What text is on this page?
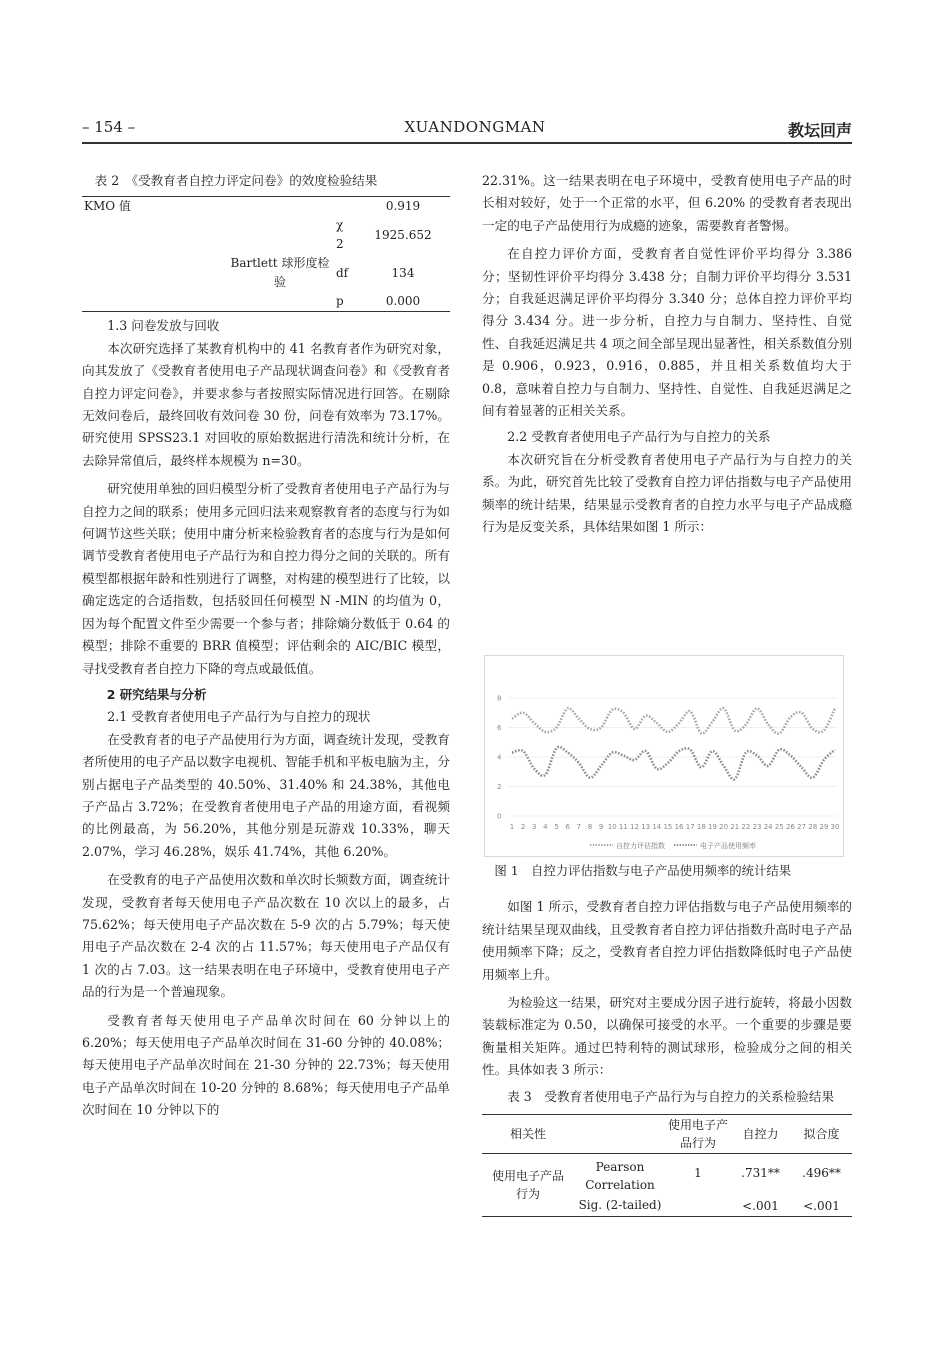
– 154 –	XUANDONGMAN	教坛回声

表 2　《受教育者自控力评定问卷》的效度检验结果

KMO 值			0.919
		χ 2	1925.652
	Bartlett 球形度检验	df	134
		p	0.000

1.3 问卷发放与回收

本次研究选择了某教育机构中的 41 名教育者作为研究对象，向其发放了《受教育者使用电子产品现状调查问卷》和《受教育者自控力评定问卷》，并要求参与者按照实际情况进行回答。在剔除无效问卷后，最终回收有效问卷 30 份，问卷有效率为 73.17%。研究使用 SPSS23.1 对回收的原始数据进行清洗和统计分析，在去除异常值后，最终样本规模为 n=30。

研究使用单独的回归模型分析了受教育者使用电子产品行为与自控力之间的联系；使用多元回归法来观察教育者的态度与行为如何调节这些关联；使用中庸分析来检验教育者的态度与行为是如何调节受教育者使用电子产品行为和自控力得分之间的关联的。所有模型都根据年龄和性别进行了调整，对构建的模型进行了比较，以确定选定的合适指数，包括驳回任何模型 N -MIN 的均值为 0，因为每个配置文件至少需要一个参与者；排除熵分数低于 0.64 的模型；排除不重要的 BRR 值模型；评估剩余的 AIC/BIC 模型，寻找受教育者自控力下降的弯点或最低值。

2 研究结果与分析

2.1 受教育者使用电子产品行为与自控力的现状

在受教育者的电子产品使用行为方面，调查统计发现，受教育者所使用的电子产品以数字电视机、智能手机和平板电脑为主，分别占据电子产品类型的 40.50%、31.40% 和 24.38%，其他电子产品占 3.72%；在受教育者使用电子产品的用途方面，看视频的比例最高，为 56.20%，其他分别是玩游戏 10.33%，聊天 2.07%，学习 46.28%，娱乐 41.74%，其他 6.20%。

在受教育的电子产品使用次数和单次时长频数方面，调查统计发现，受教育者每天使用电子产品次数在 10 次以上的最多，占 75.62%；每天使用电子产品次数在 5-9 次的占 5.79%；每天使用电子产品次数在 2-4 次的占 11.57%；每天使用电子产品仅有 1 次的占 7.03。这一结果表明在电子环境中，受教育使用电子产品的行为是一个普遍现象。

受教育者每天使用电子产品单次时间在 60 分钟以上的 6.20%；每天使用电子产品单次时间在 31-60 分钟的 40.08%；每天使用电子产品单次时间在 21-30 分钟的 22.73%；每天使用电子产品单次时间在 10-20 分钟的 8.68%；每天使用电子产品单次时间在 10 分钟以下的

22.31%。这一结果表明在电子环境中，受教育使用电子产品的时长相对较好，处于一个正常的水平，但 6.20% 的受教育者表现出一定的电子产品使用行为成瘾的迹象，需要教育者警惕。

在自控力评价方面，受教育者自觉性评价平均得分 3.386 分；坚韧性评价平均得分 3.438 分；自制力评价平均得分 3.531 分；自我延迟满足评价平均得分 3.340 分；总体自控力评价平均得分 3.434 分。进一步分析，自控力与自制力、坚持性、自觉性、自我延迟满足共 4 项之间全部呈现出显著性，相关系数值分别是 0.906，0.923，0.916，0.885，并且相关系数值均大于 0.8，意味着自控力与自制力、坚持性、自觉性、自我延迟满足之间有着显著的正相关关系。

2.2 受教育者使用电子产品行为与自控力的关系

本次研究旨在分析受教育者使用电子产品行为与自控力的关系。为此，研究首先比较了受教育自控力评估指数与电子产品使用频率的统计结果，结果显示受教育者的自控力水平与电子产品成瘾行为是反变关系，具体结果如图 1 所示：

8
6
4
2
0
1 2 3 4 5 6 7 8 9 10 11 12 13 14 15 16 17 18 19 20 21 22 23 24 25 26 27 28 29 30
自控力评估指数	电子产品使用频率

图 1　自控力评估指数与电子产品使用频率的统计结果

如图 1 所示，受教育者自控力评估指数与电子产品使用频率的统计结果呈现双曲线，且受教育者自控力评估指数升高时电子产品使用频率下降；反之，受教育者自控力评估指数降低时电子产品使用频率上升。

为检验这一结果，研究对主要成分因子进行旋转，将最小因数装载标准定为 0.50，以确保可接受的水平。一个重要的步骤是要衡量相关矩阵。通过巴特利特的测试球形，检验成分之间的相关性。具体如表 3 所示：

表 3　受教育者使用电子产品行为与自控力的关系检验结果

相关性		使用电子产品行为	自控力	拟合度
使用电子产品行为	Pearson Correlation	1	.731**	.496**
	Sig. (2-tailed)		<.001	<.001
